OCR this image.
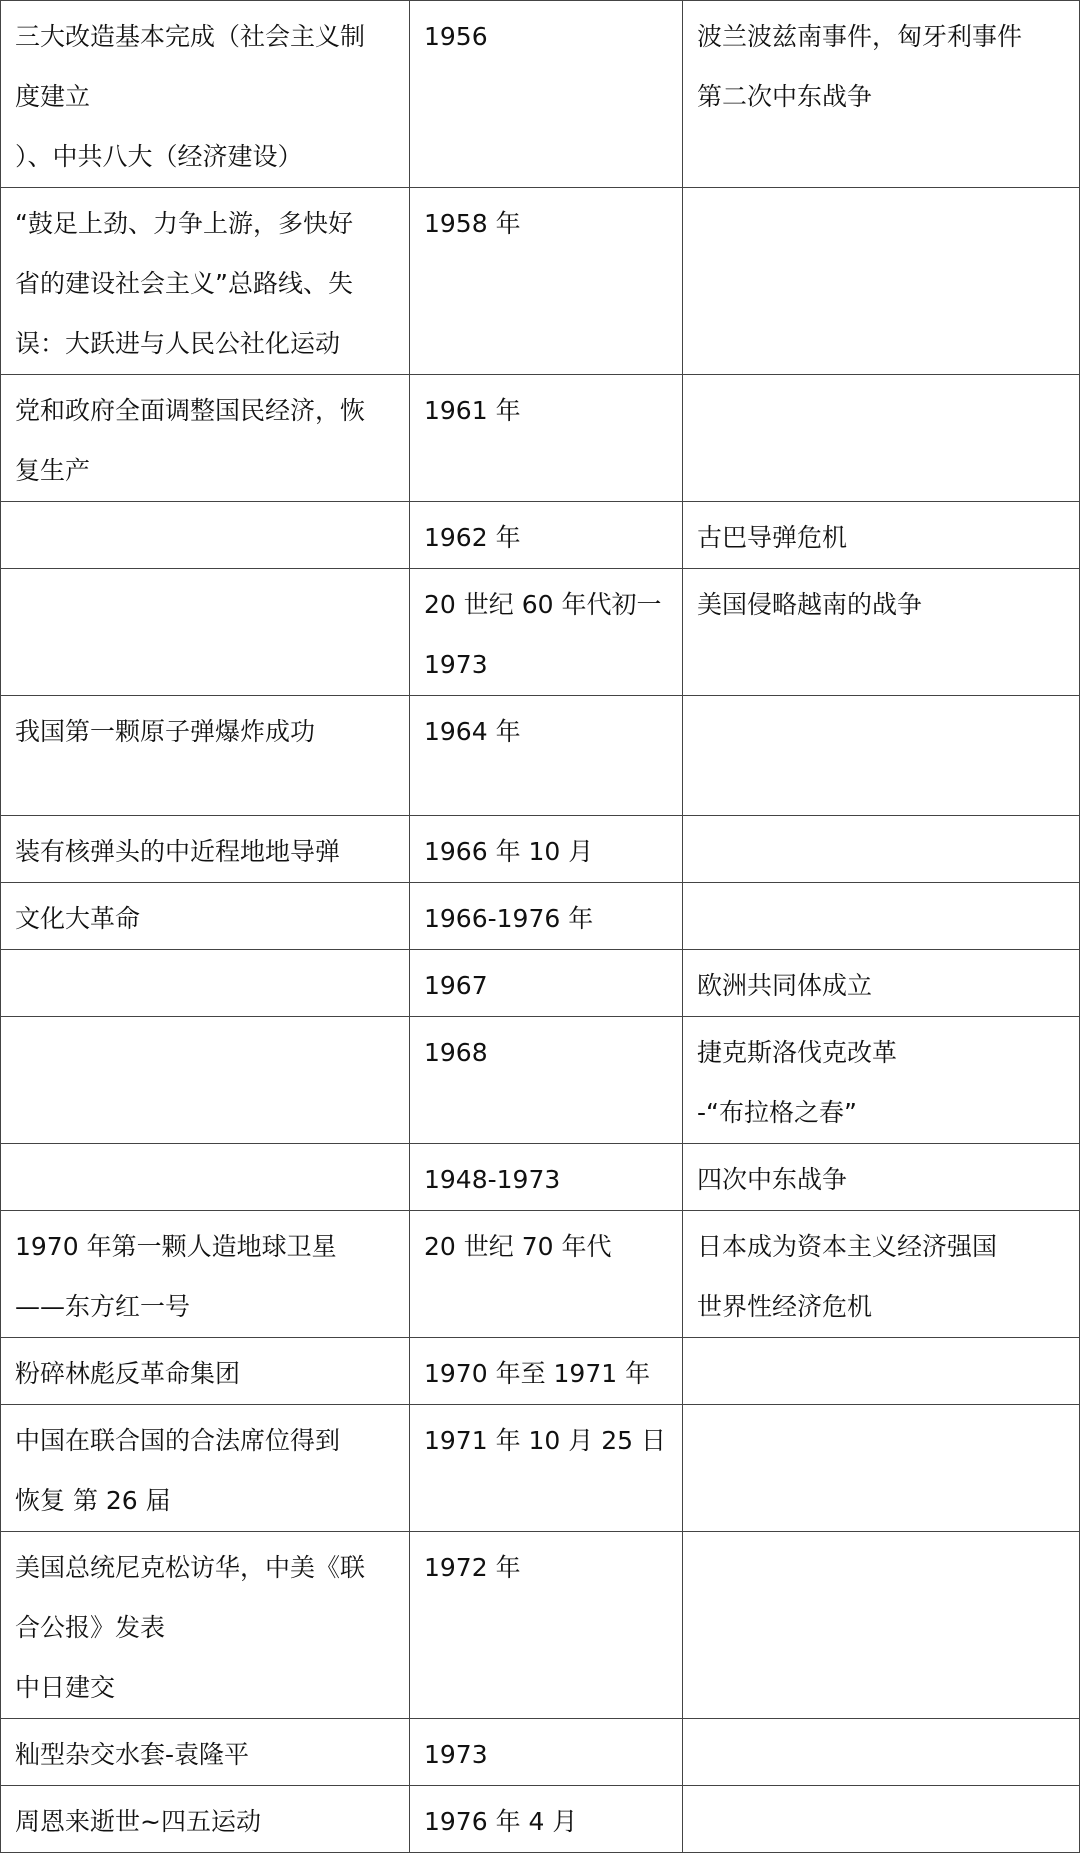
三大改造基本完成（社会主义制
度建立
）、中共八大（经济建设）	1956	波兰波兹南事件，匈牙利事件
第二次中东战争

“鼓足上劲、力争上游，多快好
省的建设社会主义”总路线、失
误：大跃进与人民公社化运动	1958 年	

党和政府全面调整国民经济，恢
复生产	1961 年	

	1962 年	古巴导弹危机

	20 世纪 60 年代初一
1973	美国侵略越南的战争

我国第一颗原子弹爆炸成功	1964 年	

装有核弹头的中近程地地导弹	1966 年 10 月	

文化大革命	1966-1976 年	

	1967	欧洲共同体成立

	1968	捷克斯洛伐克改革
-“布拉格之春”

	1948-1973	四次中东战争

1970 年第一颗人造地球卫星
——东方红一号	20 世纪 70 年代	日本成为资本主义经济强国
世界性经济危机

粉碎林彪反革命集团	1970 年至 1971 年	

中国在联合国的合法席位得到
恢复 第 26 届	1971 年 10 月 25 日	

美国总统尼克松访华，中美《联
合公报》发表
中日建交	1972 年	

籼型杂交水套-袁隆平	1973	

周恩来逝世~四五运动	1976 年 4 月	
